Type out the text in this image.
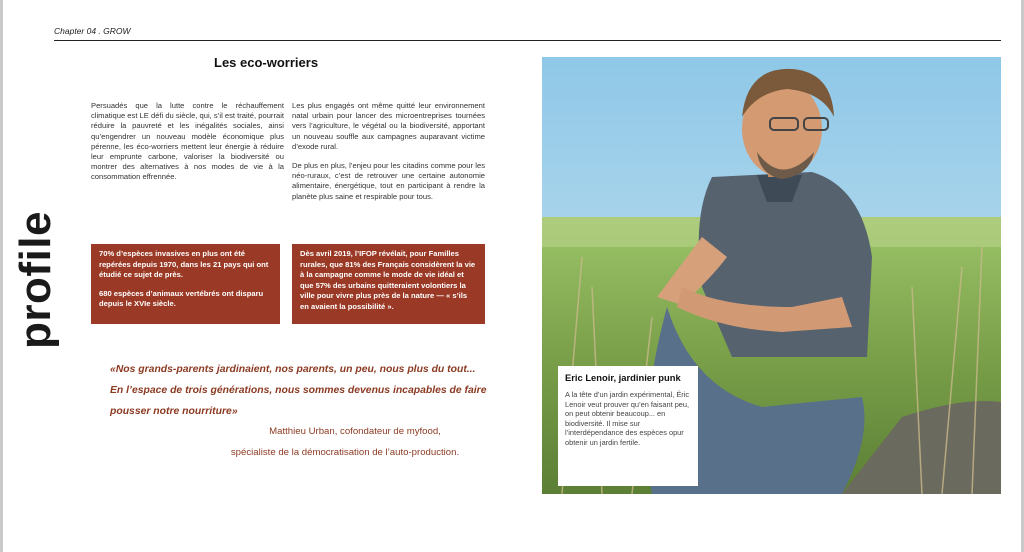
Chapter 04 . GROW
profile
Les eco-worriers

Persuadés que la lutte contre le réchauffement climatique est LE défi du siècle, qui, s’il est traité, pourrait réduire la pauvreté et les inégalités sociales, ainsi qu’engendrer un nouveau modèle économique plus pérenne, les éco-worriers mettent leur énergie à réduire leur emprunte carbone, valoriser la biodiversité ou montrer des alternatives à nos modes de vie à la consommation effrennée.

Les plus engagés ont même quitté leur environnement natal urbain pour lancer des microentreprises tournées vers l’agriculture, le végétal ou la biodiversité, apportant un nouveau souffle aux campagnes auparavant victime d’exode rural.

De plus en plus, l’enjeu pour les citadins comme pour les néo-ruraux, c’est de retrouver une certaine autonomie alimentaire, énergétique, tout en participant à rendre la planète plus saine et respirable pour tous.

70% d’espèces invasives en plus ont été repérées depuis 1970, dans les 21 pays qui ont étudié ce sujet de près.

680 espèces d’animaux vertébrés ont disparu depuis le XVIe siècle.

Dès avril 2019, l’IFOP révélait, pour Familles rurales, que 81% des Français considèrent la vie à la campagne comme le mode de vie idéal et que 57% des urbains quitteraient volontiers la ville pour vivre plus près de la nature — « s’ils en avaient la possibilité ».

«Nos grands-parents jardinaient, nos parents, un peu, nous plus du tout... En l’espace de trois générations, nous sommes devenus incapables de faire pousser notre nourriture»
Matthieu Urban, cofondateur de myfood,
spécialiste de la démocratisation de l’auto-production.
Eric Lenoir, jardinier punk
A la tête d’un jardin expérimental, Éric Lenoir veut prouver qu’en faisant peu, on peut obtenir beaucoup... en biodiversité. Il mise sur l’interdépendance des espèces opur obtenir un jardin fertile.
